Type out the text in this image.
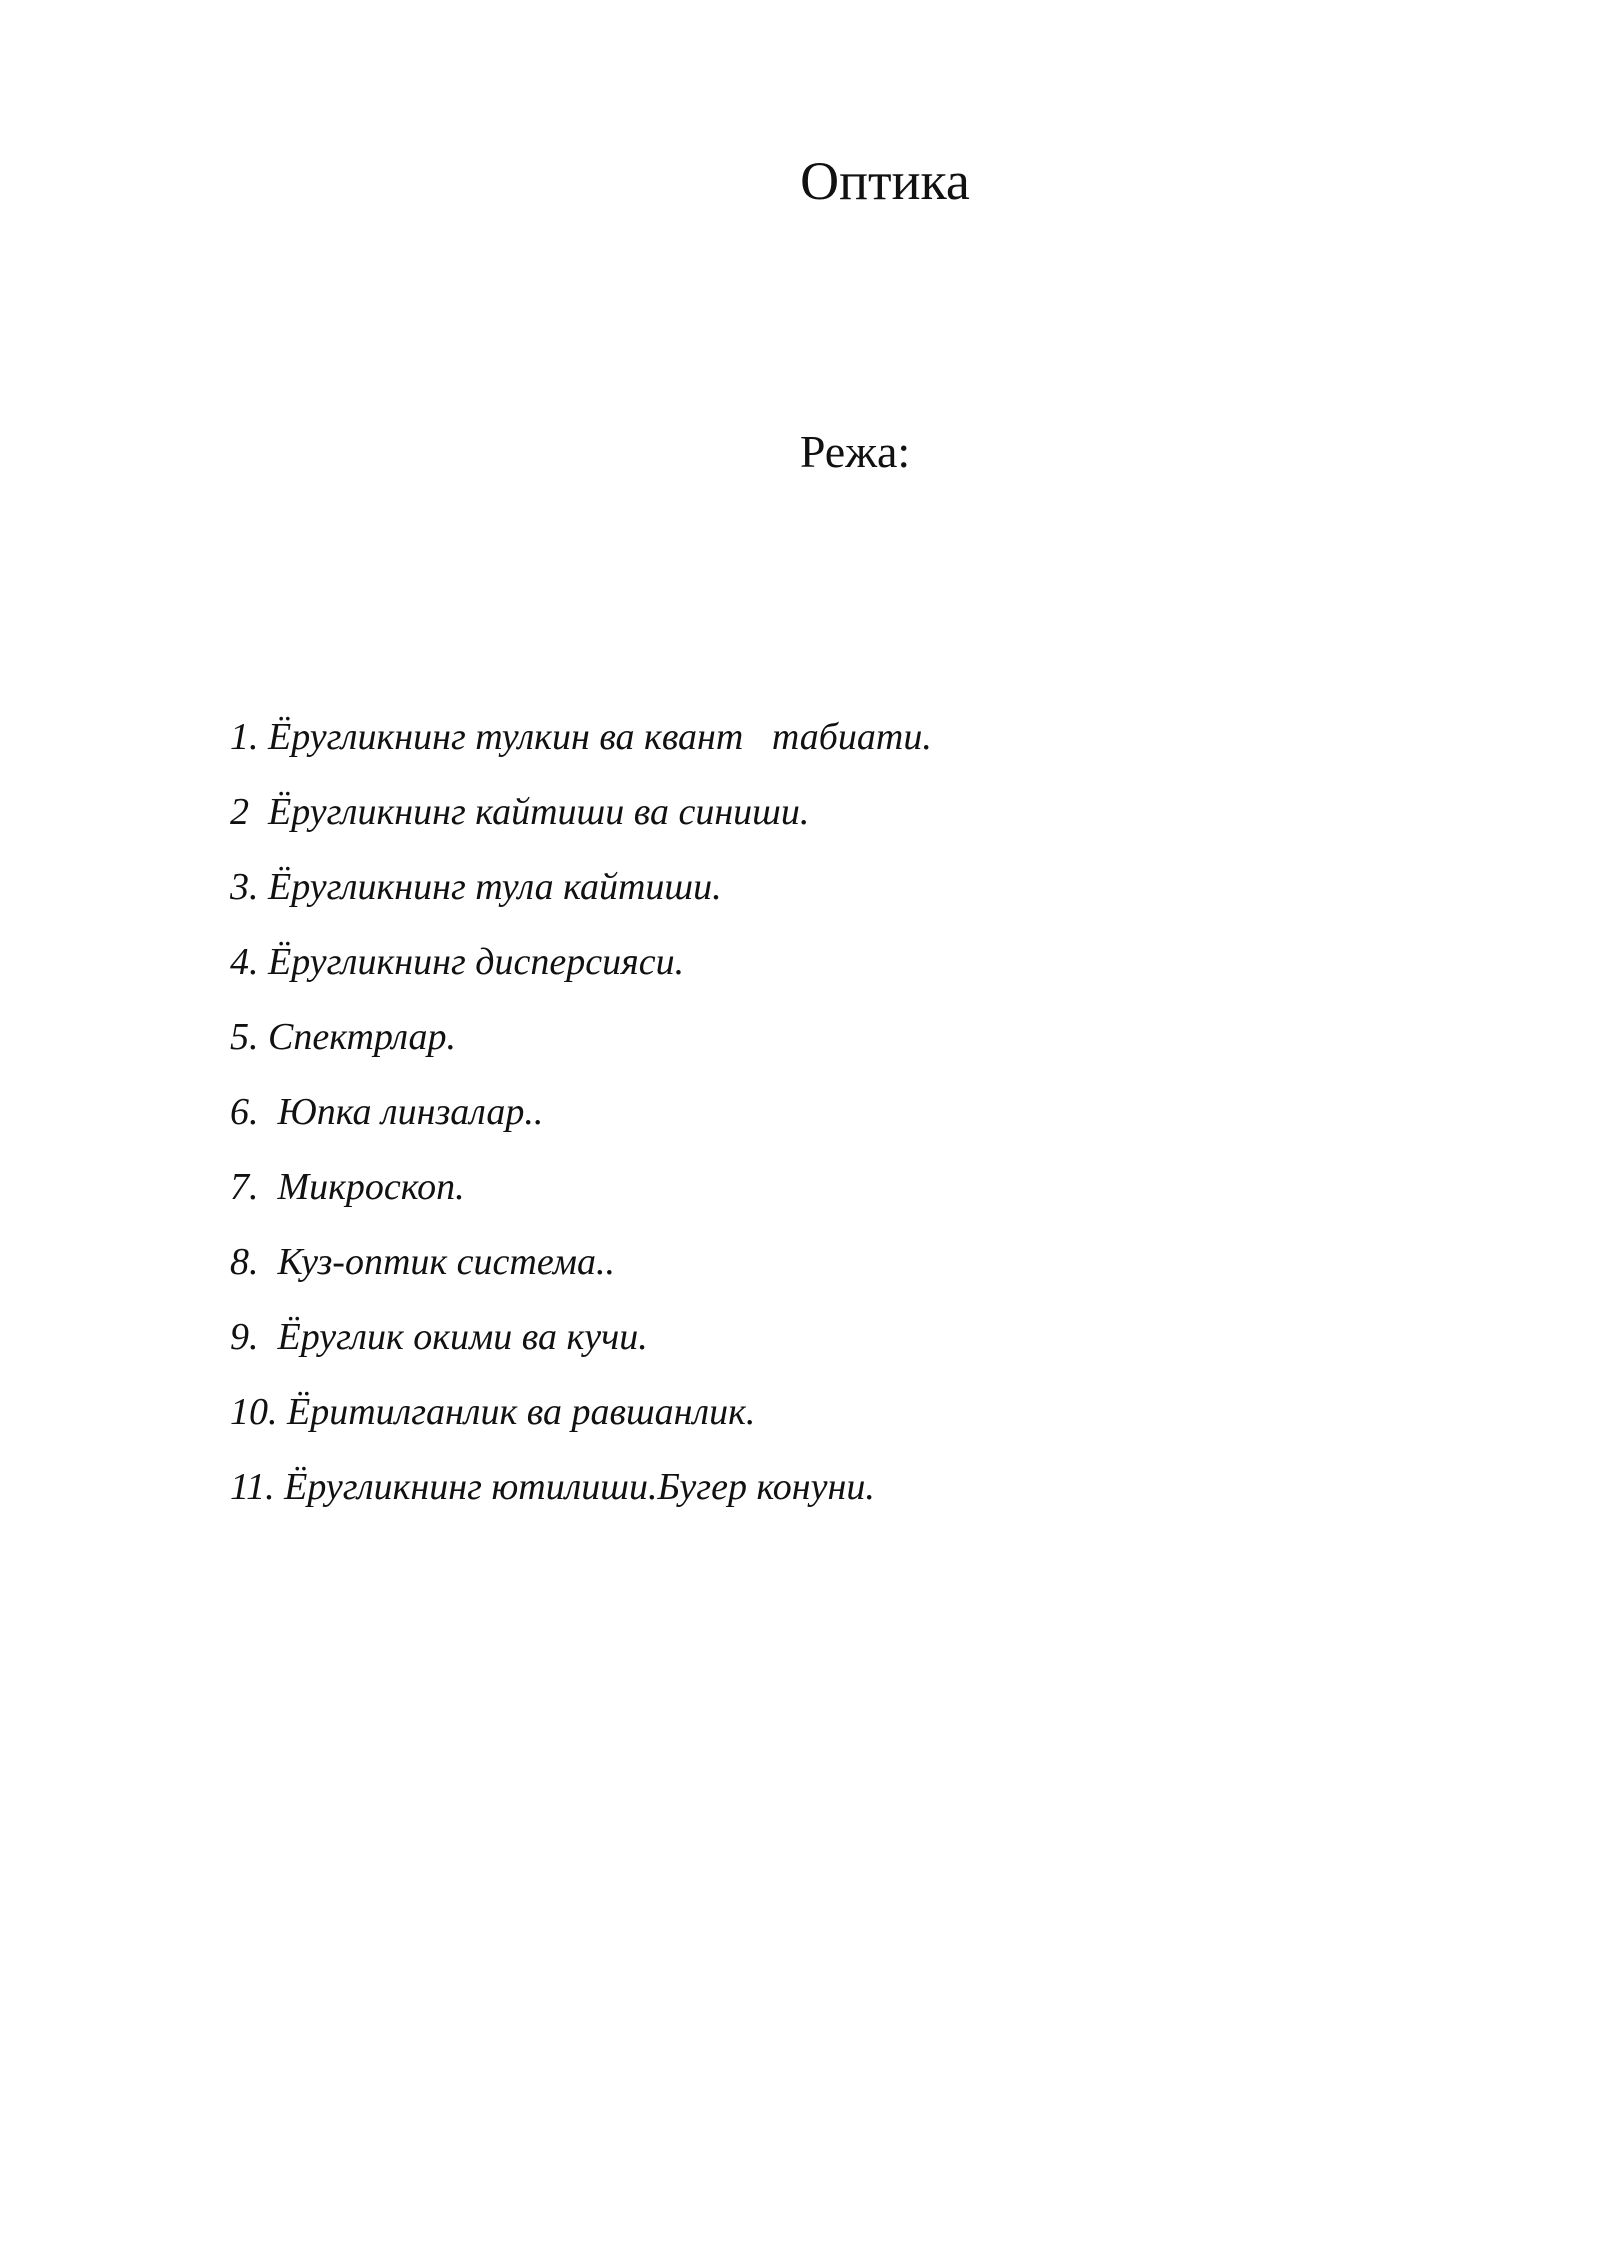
Оптика
Режа:
1. Ёругликнинг тулкин ва квант   табиати.
2  Ёругликнинг кайтиши ва синиши.
3. Ёругликнинг тула кайтиши.
4. Ёругликнинг дисперсияси.
5. Спектрлар.
6.  Юпка линзалар..
7.  Микроскоп.
8.  Куз-оптик система..
9.  Ёруглик окими ва кучи.
10. Ёритилганлик ва равшанлик.
11. Ёругликнинг ютилиши.Бугер конуни.
